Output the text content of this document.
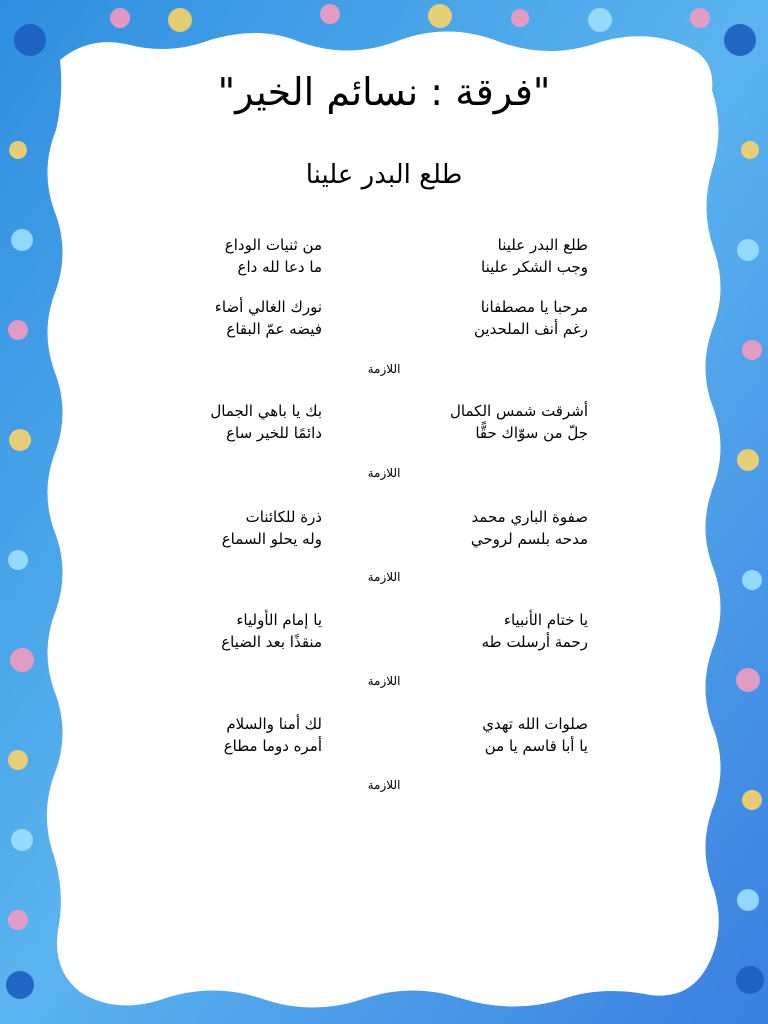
"فرقة : نسائم الخير"
طلع البدر علينا
طلع البدر علينا
وجب الشكر علينا
من ثنيات الوداع
ما دعا لله داع
مرحبا يا مصطفانا
رغم أنف الملحدين
نورك الغالي أضاء
فيضه عمّ البقاع
أشرقت شمس الكمال
جلّ من سوّاك حقًّا
بك يا باهي الجمال
دائمًا للخير ساع
صفوة الباري محمد
مدحه بلسم لروحي
ذرة للكائنات
وله يحلو السماع
يا ختام الأنبياء
رحمة أرسلت طه
يا إمام الأولياء
منقذًا بعد الضياع
صلوات الله تهدي
يا أبا قاسم يا من
لك أمنا والسلام
أمره دوما مطاع
اللازمة
اللازمة
اللازمة
اللازمة
اللازمة
